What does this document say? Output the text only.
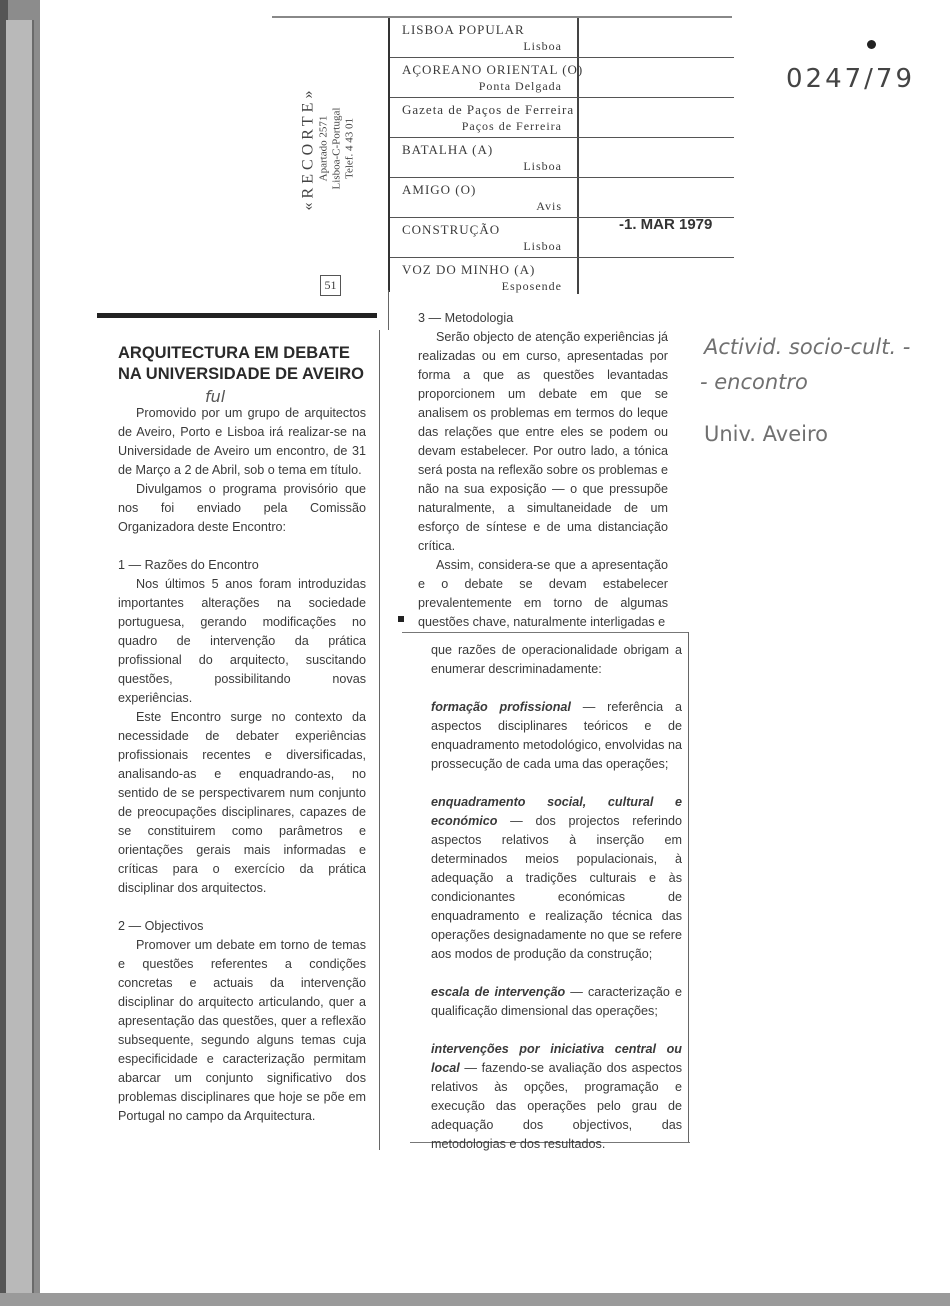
«RECORTE» Apartado 2571 Lisboa-C-Portugal Telef. 4 43 01
51
LISBOA POPULAR
Lisboa
AÇOREANO ORIENTAL (O)
Ponta Delgada
Gazeta de Paços de Ferreira
Paços de Ferreira
BATALHA (A)
Lisboa
AMIGO (O)
Avis
CONSTRUÇÃO
Lisboa
VOZ DO MINHO (A)
Esposende
-1. MAR 1979
0247/79
Activid. socio-cult. -
- encontro
Univ. Aveiro
ARQUITECTURA EM DEBATE
NA UNIVERSIDADE DE AVEIRO
ful

Promovido por um grupo de arquitectos de Aveiro, Porto e Lisboa irá realizar-se na Universidade de Aveiro um encontro, de 31 de Março a 2 de Abril, sob o tema em título.

Divulgamos o programa provisório que nos foi enviado pela Comissão Organizadora deste Encontro:

1 — Razões do Encontro

Nos últimos 5 anos foram introduzidas importantes alterações na sociedade portuguesa, gerando modificações no quadro de intervenção da prática profissional do arquitecto, suscitando questões, possibilitando novas experiências.

Este Encontro surge no contexto da necessidade de debater experiências profissionais recentes e diversificadas, analisando-as e enquadrando-as, no sentido de se perspectivarem num conjunto de preocupações disciplinares, capazes de se constituirem como parâmetros e orientações gerais mais informadas e críticas para o exercício da prática disciplinar dos arquitectos.

2 — Objectivos

Promover um debate em torno de temas e questões referentes a condições concretas e actuais da intervenção disciplinar do arquitecto articulando, quer a apresentação das questões, quer a reflexão subsequente, segundo alguns temas cuja especificidade e caracterização permitam abarcar um conjunto significativo dos problemas disciplinares que hoje se põe em Portugal no campo da Arquitectura.

3 — Metodologia

Serão objecto de atenção experiências já realizadas ou em curso, apresentadas por forma a que as questões levantadas proporcionem um debate em que se analisem os problemas em termos do leque das relações que entre eles se podem ou devam estabelecer. Por outro lado, a tónica será posta na reflexão sobre os problemas e não na sua exposição — o que pressupõe naturalmente, a simultaneidade de um esforço de síntese e de uma distanciação crítica.

Assim, considera-se que a apresentação e o debate se devam estabelecer prevalentemente em torno de algumas questões chave, naturalmente interligadas e

que razões de operacionalidade obrigam a enumerar descriminadamente:

formação profissional — referência a aspectos disciplinares teóricos e de enquadramento metodológico, envolvidas na prossecução de cada uma das operações;

enquadramento social, cultural e económico — dos projectos referindo aspectos relativos à inserção em determinados meios populacionais, à adequação a tradições culturais e às condicionantes económicas de enquadramento e realização técnica das operações designadamente no que se refere aos modos de produção da construção;

escala de intervenção — caracterização e qualificação dimensional das operações;

intervenções por iniciativa central ou local — fazendo-se avaliação dos aspectos relativos às opções, programação e execução das operações pelo grau de adequação dos objectivos, das metodologias e dos resultados.
